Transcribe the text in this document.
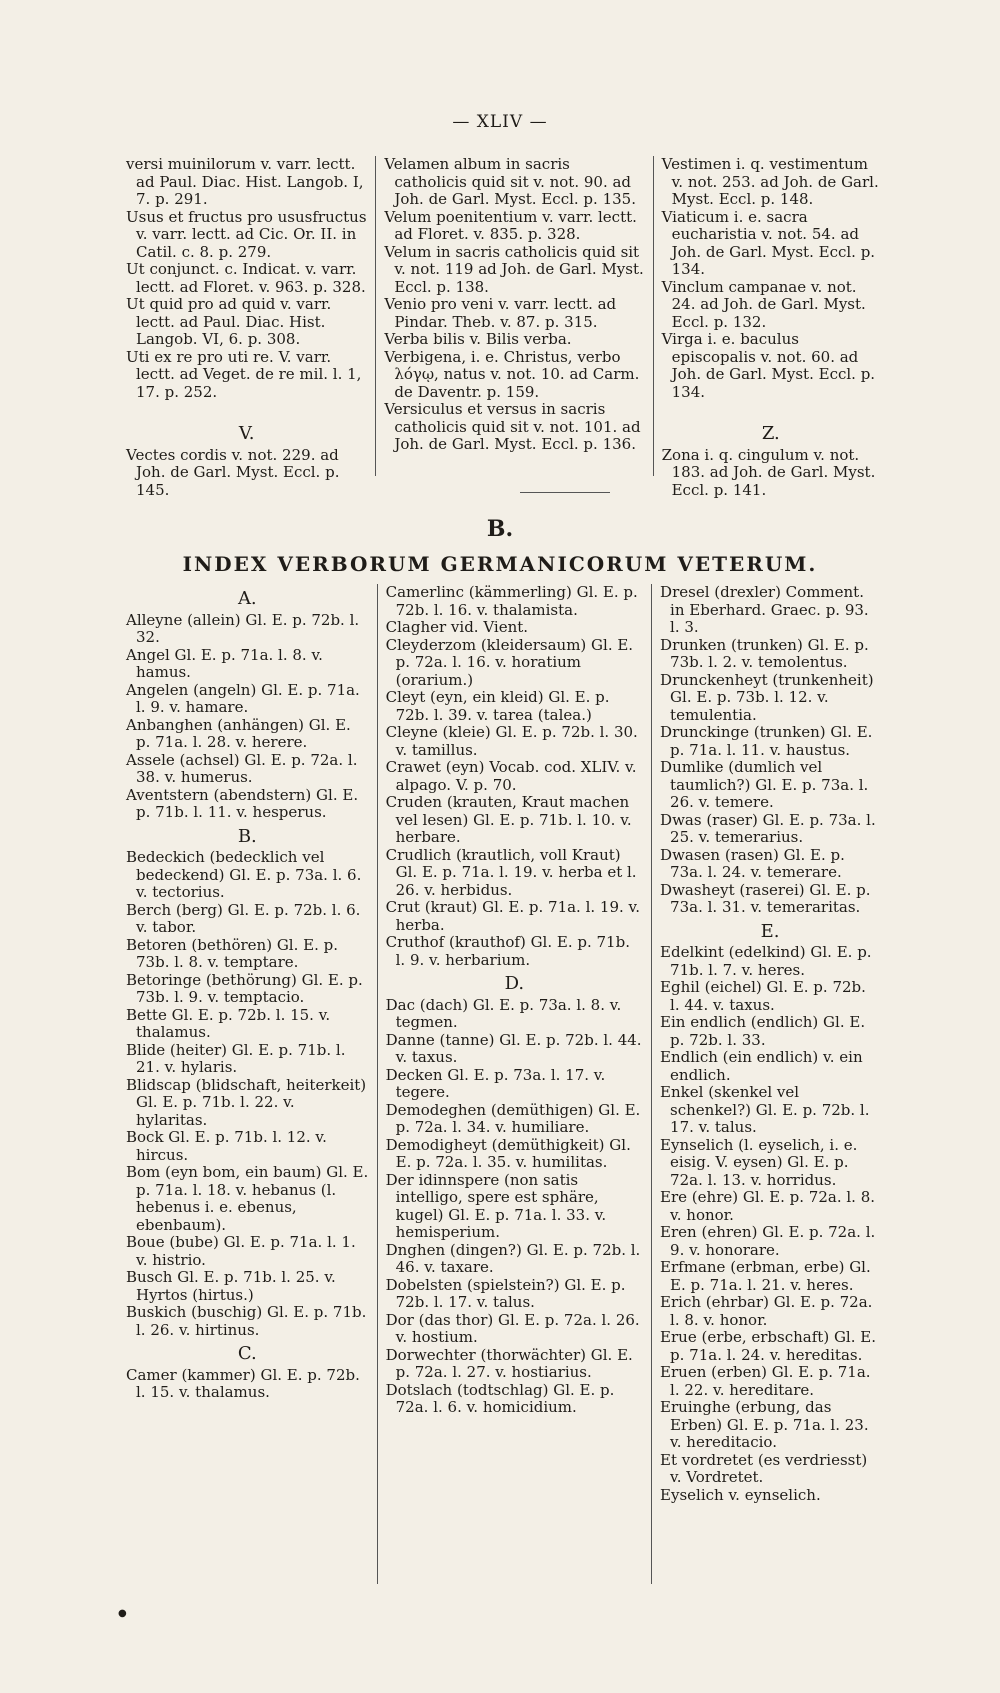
— XLIV —

versi muinilorum v. varr. lectt. ad Paul. Diac. Hist. Langob. I, 7. p. 291.

Usus et fructus pro ususfructus v. varr. lectt. ad Cic. Or. II. in Catil. c. 8. p. 279.

Ut conjunct. c. Indicat. v. varr. lectt. ad Floret. v. 963. p. 328.

Ut quid pro ad quid v. varr. lectt. ad Paul. Diac. Hist. Langob. VI, 6. p. 308.

Uti ex re pro uti re. V. varr. lectt. ad Veget. de re mil. l. 1, 17. p. 252.

V.

Vectes cordis v. not. 229. ad Joh. de Garl. Myst. Eccl. p. 145.

Velamen album in sacris catholicis quid sit v. not. 90. ad Joh. de Garl. Myst. Eccl. p. 135.

Velum poenitentium v. varr. lectt. ad Floret. v. 835. p. 328.

Velum in sacris catholicis quid sit v. not. 119 ad Joh. de Garl. Myst. Eccl. p. 138.

Venio pro veni v. varr. lectt. ad Pindar. Theb. v. 87. p. 315.

Verba bilis v. Bilis verba.

Verbigena, i. e. Christus, verbo λόγῳ, natus v. not. 10. ad Carm. de Daventr. p. 159.

Versiculus et versus in sacris catholicis quid sit v. not. 101. ad Joh. de Garl. Myst. Eccl. p. 136.

Vestimen i. q. vestimentum v. not. 253. ad Joh. de Garl. Myst. Eccl. p. 148.

Viaticum i. e. sacra eucharistia v. not. 54. ad Joh. de Garl. Myst. Eccl. p. 134.

Vinclum campanae v. not. 24. ad Joh. de Garl. Myst. Eccl. p. 132.

Virga i. e. baculus episcopalis v. not. 60. ad Joh. de Garl. Myst. Eccl. p. 134.

Z.

Zona i. q. cingulum v. not. 183. ad Joh. de Garl. Myst. Eccl. p. 141.

B.
INDEX VERBORUM GERMANICORUM VETERUM.
A.

Alleyne (allein) Gl. E. p. 72b. l. 32.

Angel Gl. E. p. 71a. l. 8. v. hamus.

Angelen (angeln) Gl. E. p. 71a. l. 9. v. hamare.

Anbanghen (anhängen) Gl. E. p. 71a. l. 28. v. herere.

Assele (achsel) Gl. E. p. 72a. l. 38. v. humerus.

Aventstern (abendstern) Gl. E. p. 71b. l. 11. v. hesperus.

B.

Bedeckich (bedecklich vel bedeckend) Gl. E. p. 73a. l. 6. v. tectorius.

Berch (berg) Gl. E. p. 72b. l. 6. v. tabor.

Betoren (bethören) Gl. E. p. 73b. l. 8. v. temptare.

Betoringe (bethörung) Gl. E. p. 73b. l. 9. v. temptacio.

Bette Gl. E. p. 72b. l. 15. v. thalamus.

Blide (heiter) Gl. E. p. 71b. l. 21. v. hylaris.

Blidscap (blidschaft, heiterkeit) Gl. E. p. 71b. l. 22. v. hylaritas.

Bock Gl. E. p. 71b. l. 12. v. hircus.

Bom (eyn bom, ein baum) Gl. E. p. 71a. l. 18. v. hebanus (l. hebenus i. e. ebenus, ebenbaum).

Boue (bube) Gl. E. p. 71a. l. 1. v. histrio.

Busch Gl. E. p. 71b. l. 25. v. Hyrtos (hirtus.)

Buskich (buschig) Gl. E. p. 71b. l. 26. v. hirtinus.

C.

Camer (kammer) Gl. E. p. 72b. l. 15. v. thalamus.

Camerlinc (kämmerling) Gl. E. p. 72b. l. 16. v. thalamista.

Clagher vid. Vient.

Cleyderzom (kleidersaum) Gl. E. p. 72a. l. 16. v. horatium (orarium.)

Cleyt (eyn, ein kleid) Gl. E. p. 72b. l. 39. v. tarea (talea.)

Cleyne (kleie) Gl. E. p. 72b. l. 30. v. tamillus.

Crawet (eyn) Vocab. cod. XLIV. v. alpago. V. p. 70.

Cruden (krauten, Kraut machen vel lesen) Gl. E. p. 71b. l. 10. v. herbare.

Crudlich (krautlich, voll Kraut) Gl. E. p. 71a. l. 19. v. herba et l. 26. v. herbidus.

Crut (kraut) Gl. E. p. 71a. l. 19. v. herba.

Cruthof (krauthof) Gl. E. p. 71b. l. 9. v. herbarium.

D.

Dac (dach) Gl. E. p. 73a. l. 8. v. tegmen.

Danne (tanne) Gl. E. p. 72b. l. 44. v. taxus.

Decken Gl. E. p. 73a. l. 17. v. tegere.

Demodeghen (demüthigen) Gl. E. p. 72a. l. 34. v. humiliare.

Demodigheyt (demüthigkeit) Gl. E. p. 72a. l. 35. v. humilitas.

Der idinnspere (non satis intelligo, spere est sphäre, kugel) Gl. E. p. 71a. l. 33. v. hemisperium.

Dnghen (dingen?) Gl. E. p. 72b. l. 46. v. taxare.

Dobelsten (spielstein?) Gl. E. p. 72b. l. 17. v. talus.

Dor (das thor) Gl. E. p. 72a. l. 26. v. hostium.

Dorwechter (thorwächter) Gl. E. p. 72a. l. 27. v. hostiarius.

Dotslach (todtschlag) Gl. E. p. 72a. l. 6. v. homicidium.

Dresel (drexler) Comment. in Eberhard. Graec. p. 93. l. 3.

Drunken (trunken) Gl. E. p. 73b. l. 2. v. temolentus.

Drunckenheyt (trunkenheit) Gl. E. p. 73b. l. 12. v. temulentia.

Drunckinge (trunken) Gl. E. p. 71a. l. 11. v. haustus.

Dumlike (dumlich vel taumlich?) Gl. E. p. 73a. l. 26. v. temere.

Dwas (raser) Gl. E. p. 73a. l. 25. v. temerarius.

Dwasen (rasen) Gl. E. p. 73a. l. 24. v. temerare.

Dwasheyt (raserei) Gl. E. p. 73a. l. 31. v. temeraritas.

E.

Edelkint (edelkind) Gl. E. p. 71b. l. 7. v. heres.

Eghil (eichel) Gl. E. p. 72b. l. 44. v. taxus.

Ein endlich (endlich) Gl. E. p. 72b. l. 33.

Endlich (ein endlich) v. ein endlich.

Enkel (skenkel vel schenkel?) Gl. E. p. 72b. l. 17. v. talus.

Eynselich (l. eyselich, i. e. eisig. V. eysen) Gl. E. p. 72a. l. 13. v. horridus.

Ere (ehre) Gl. E. p. 72a. l. 8. v. honor.

Eren (ehren) Gl. E. p. 72a. l. 9. v. honorare.

Erfmane (erbman, erbe) Gl. E. p. 71a. l. 21. v. heres.

Erich (ehrbar) Gl. E. p. 72a. l. 8. v. honor.

Erue (erbe, erbschaft) Gl. E. p. 71a. l. 24. v. hereditas.

Eruen (erben) Gl. E. p. 71a. l. 22. v. hereditare.

Eruinghe (erbung, das Erben) Gl. E. p. 71a. l. 23. v. hereditacio.

Et vordretet (es verdriesst) v. Vordretet.

Eyselich v. eynselich.

●
